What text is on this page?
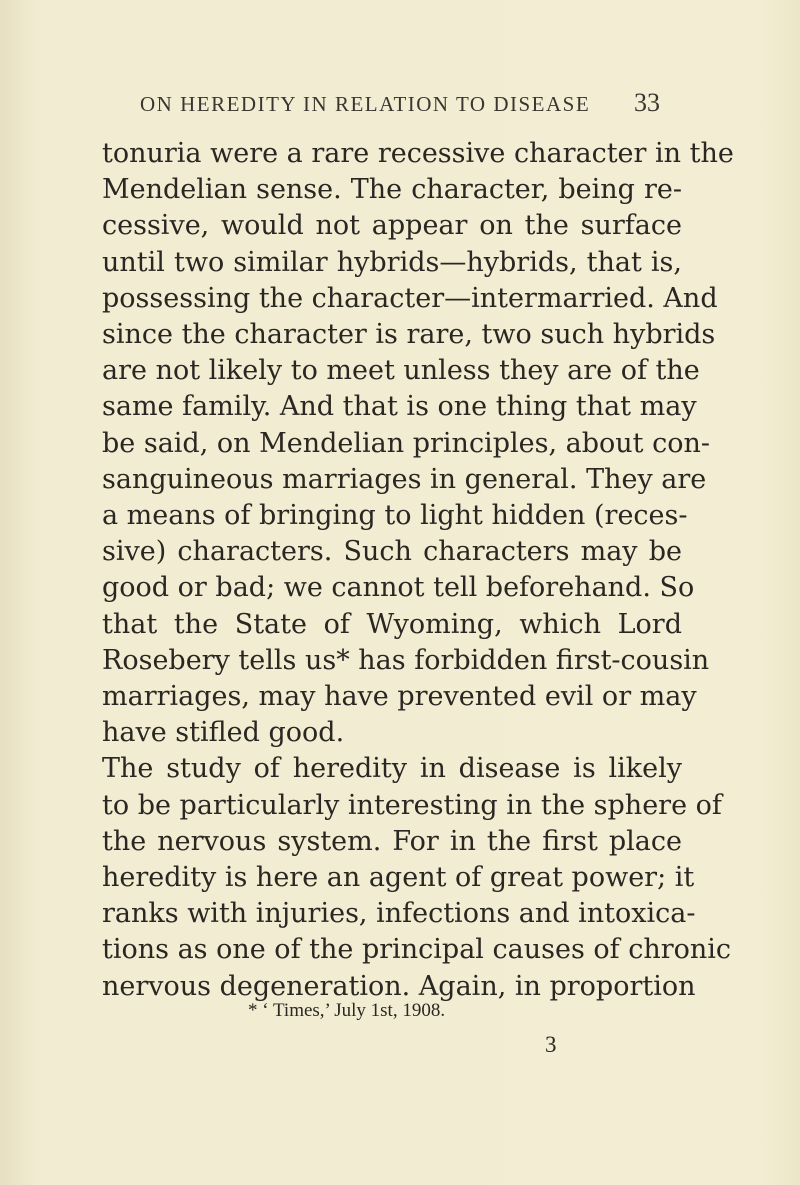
ON HEREDITY IN RELATION TO DISEASE 33
tonuria were a rare recessive character in the
Mendelian sense. The character, being re-
cessive, would not appear on the surface
until two similar hybrids—hybrids, that is,
possessing the character—intermarried. And
since the character is rare, two such hybrids
are not likely to meet unless they are of the
same family. And that is one thing that may
be said, on Mendelian principles, about con-
sanguineous marriages in general. They are
a means of bringing to light hidden (reces-
sive) characters. Such characters may be
good or bad; we cannot tell beforehand. So
that the State of Wyoming, which Lord
Rosebery tells us* has forbidden first-cousin
marriages, may have prevented evil or may
have stifled good.
The study of heredity in disease is likely
to be particularly interesting in the sphere of
the nervous system. For in the first place
heredity is here an agent of great power; it
ranks with injuries, infections and intoxica-
tions as one of the principal causes of chronic
nervous degeneration. Again, in proportion
* ‘ Times,’ July 1st, 1908.
3
